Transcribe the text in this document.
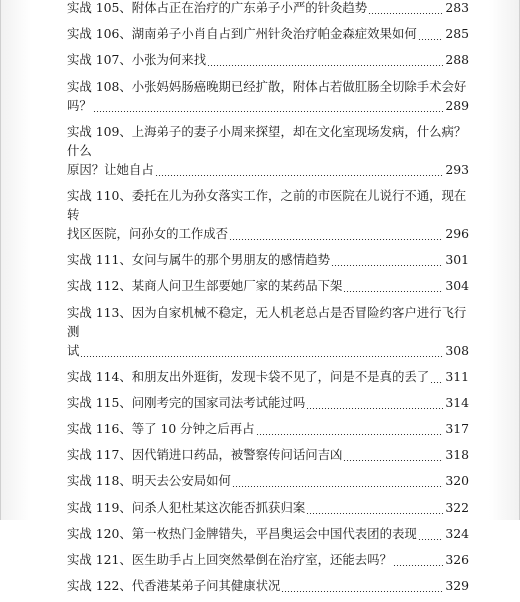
实战 105、附体占正在治疗的广东弟子小严的针灸趋势	283
实战 106、湖南弟子小肖自占到广州针灸治疗帕金森症效果如何 285
实战 107、小张为何来找	288
实战 108、小张妈妈肠癌晚期已经扩散，附体占若做肛肠全切除手术会好
吗？	289
实战 109、上海弟子的妻子小周来探望，却在文化室现场发病，什么病？什么
原因？让她自占	293
实战 110、委托在儿为孙女落实工作，之前的市医院在儿说行不通，现在转
找区医院，问孙女的工作成否	296
实战 111、女问与属牛的那个男朋友的感情趋势	301
实战 112、某商人问卫生部要她厂家的某药品下架	304
实战 113、因为自家机械不稳定，无人机老总占是否冒险约客户进行飞行测
试	308
实战 114、和朋友出外逛街，发现卡袋不见了，问是不是真的丢了 311
实战 115、问刚考完的国家司法考试能过吗	314
实战 116、等了 10 分钟之后再占	317
实战 117、因代销进口药品，被警察传问话问吉凶	318
实战 118、明天去公安局如何	320
实战 119、问杀人犯杜某这次能否抓获归案	322
实战 120、第一枚热门金牌错失，平昌奥运会中国代表团的表现 324
实战 121、医生助手占上回突然晕倒在治疗室，还能去吗？	326
实战 122、代香港某弟子问其健康状况	329
